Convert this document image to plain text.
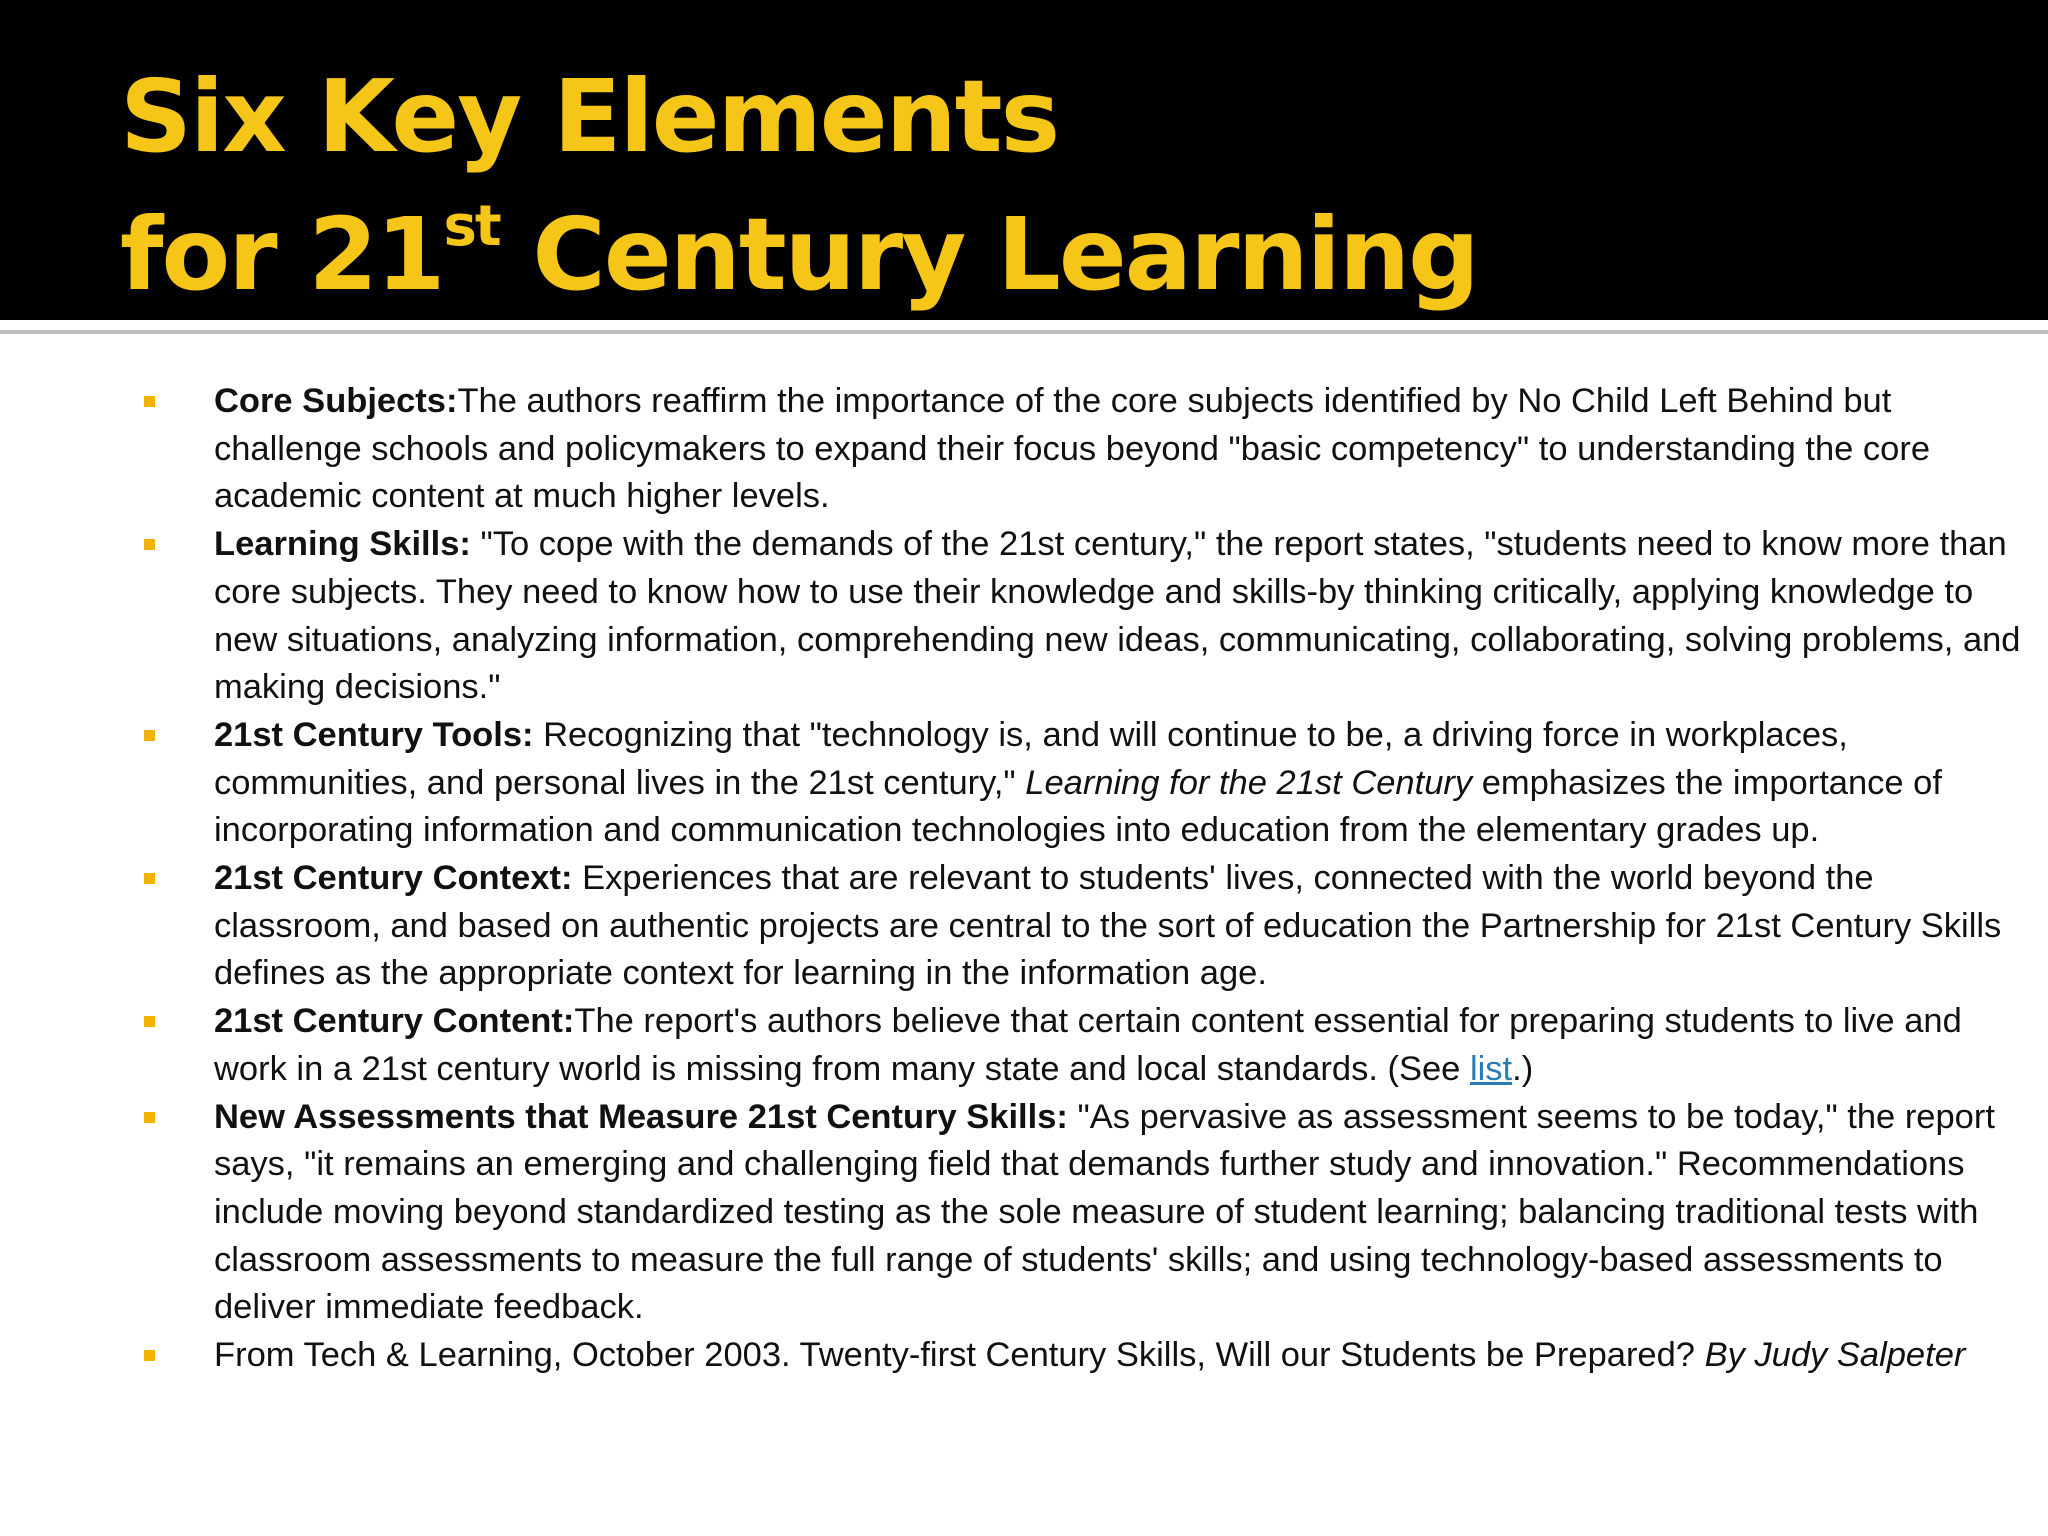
Six Key Elements
for 21st Century Learning
Core Subjects:The authors reaffirm the importance of the core subjects identified by No Child Left Behind but challenge schools and policymakers to expand their focus beyond "basic competency" to understanding the core academic content at much higher levels.
Learning Skills: "To cope with the demands of the 21st century," the report states, "students need to know more than core subjects. They need to know how to use their knowledge and skills-by thinking critically, applying knowledge to new situations, analyzing information, comprehending new ideas, communicating, collaborating, solving problems, and making decisions."
21st Century Tools: Recognizing that "technology is, and will continue to be, a driving force in workplaces, communities, and personal lives in the 21st century," Learning for the 21st Century emphasizes the importance of incorporating information and communication technologies into education from the elementary grades up.
21st Century Context: Experiences that are relevant to students' lives, connected with the world beyond the classroom, and based on authentic projects are central to the sort of education the Partnership for 21st Century Skills defines as the appropriate context for learning in the information age.
21st Century Content:The report's authors believe that certain content essential for preparing students to live and work in a 21st century world is missing from many state and local standards. (See list.)
New Assessments that Measure 21st Century Skills: "As pervasive as assessment seems to be today," the report says, "it remains an emerging and challenging field that demands further study and innovation." Recommendations include moving beyond standardized testing as the sole measure of student learning; balancing traditional tests with classroom assessments to measure the full range of students' skills; and using technology-based assessments to deliver immediate feedback.
From Tech & Learning, October 2003. Twenty-first Century Skills, Will our Students be Prepared? By Judy Salpeter
